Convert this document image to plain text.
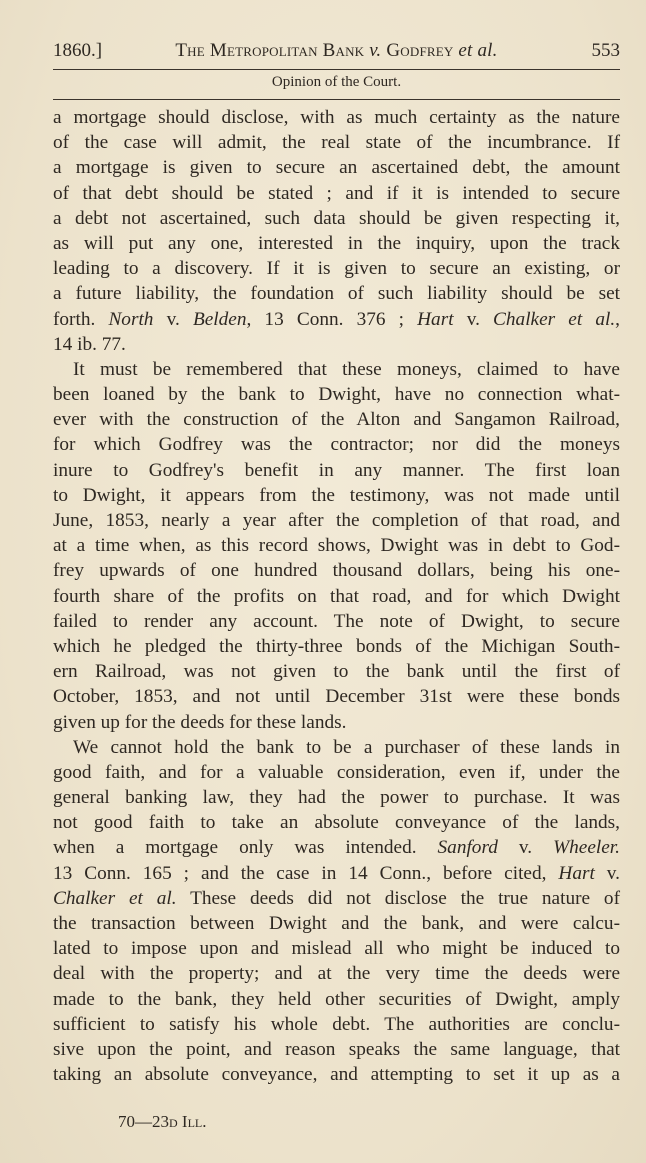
1860.]	The Metropolitan Bank v. Godfrey et al.	553
Opinion of the Court.
a mortgage should disclose, with as much certainty as the nature
of the case will admit, the real state of the incumbrance. If
a mortgage is given to secure an ascertained debt, the amount
of that debt should be stated ; and if it is intended to secure
a debt not ascertained, such data should be given respecting it,
as will put any one, interested in the inquiry, upon the track
leading to a discovery. If it is given to secure an existing, or
a future liability, the foundation of such liability should be set
forth. North v. Belden, 13 Conn. 376 ; Hart v. Chalker et al.,
14 ib. 77.
It must be remembered that these moneys, claimed to have
been loaned by the bank to Dwight, have no connection what-
ever with the construction of the Alton and Sangamon Railroad,
for which Godfrey was the contractor; nor did the moneys
inure to Godfrey's benefit in any manner. The first loan
to Dwight, it appears from the testimony, was not made until
June, 1853, nearly a year after the completion of that road, and
at a time when, as this record shows, Dwight was in debt to God-
frey upwards of one hundred thousand dollars, being his one-
fourth share of the profits on that road, and for which Dwight
failed to render any account. The note of Dwight, to secure
which he pledged the thirty-three bonds of the Michigan South-
ern Railroad, was not given to the bank until the first of
October, 1853, and not until December 31st were these bonds
given up for the deeds for these lands.
We cannot hold the bank to be a purchaser of these lands in
good faith, and for a valuable consideration, even if, under the
general banking law, they had the power to purchase. It was
not good faith to take an absolute conveyance of the lands,
when a mortgage only was intended. Sanford v. Wheeler.
13 Conn. 165 ; and the case in 14 Conn., before cited, Hart v.
Chalker et al. These deeds did not disclose the true nature of
the transaction between Dwight and the bank, and were calcu-
lated to impose upon and mislead all who might be induced to
deal with the property; and at the very time the deeds were
made to the bank, they held other securities of Dwight, amply
sufficient to satisfy his whole debt. The authorities are conclu-
sive upon the point, and reason speaks the same language, that
taking an absolute conveyance, and attempting to set it up as a
70—23d Ill.
